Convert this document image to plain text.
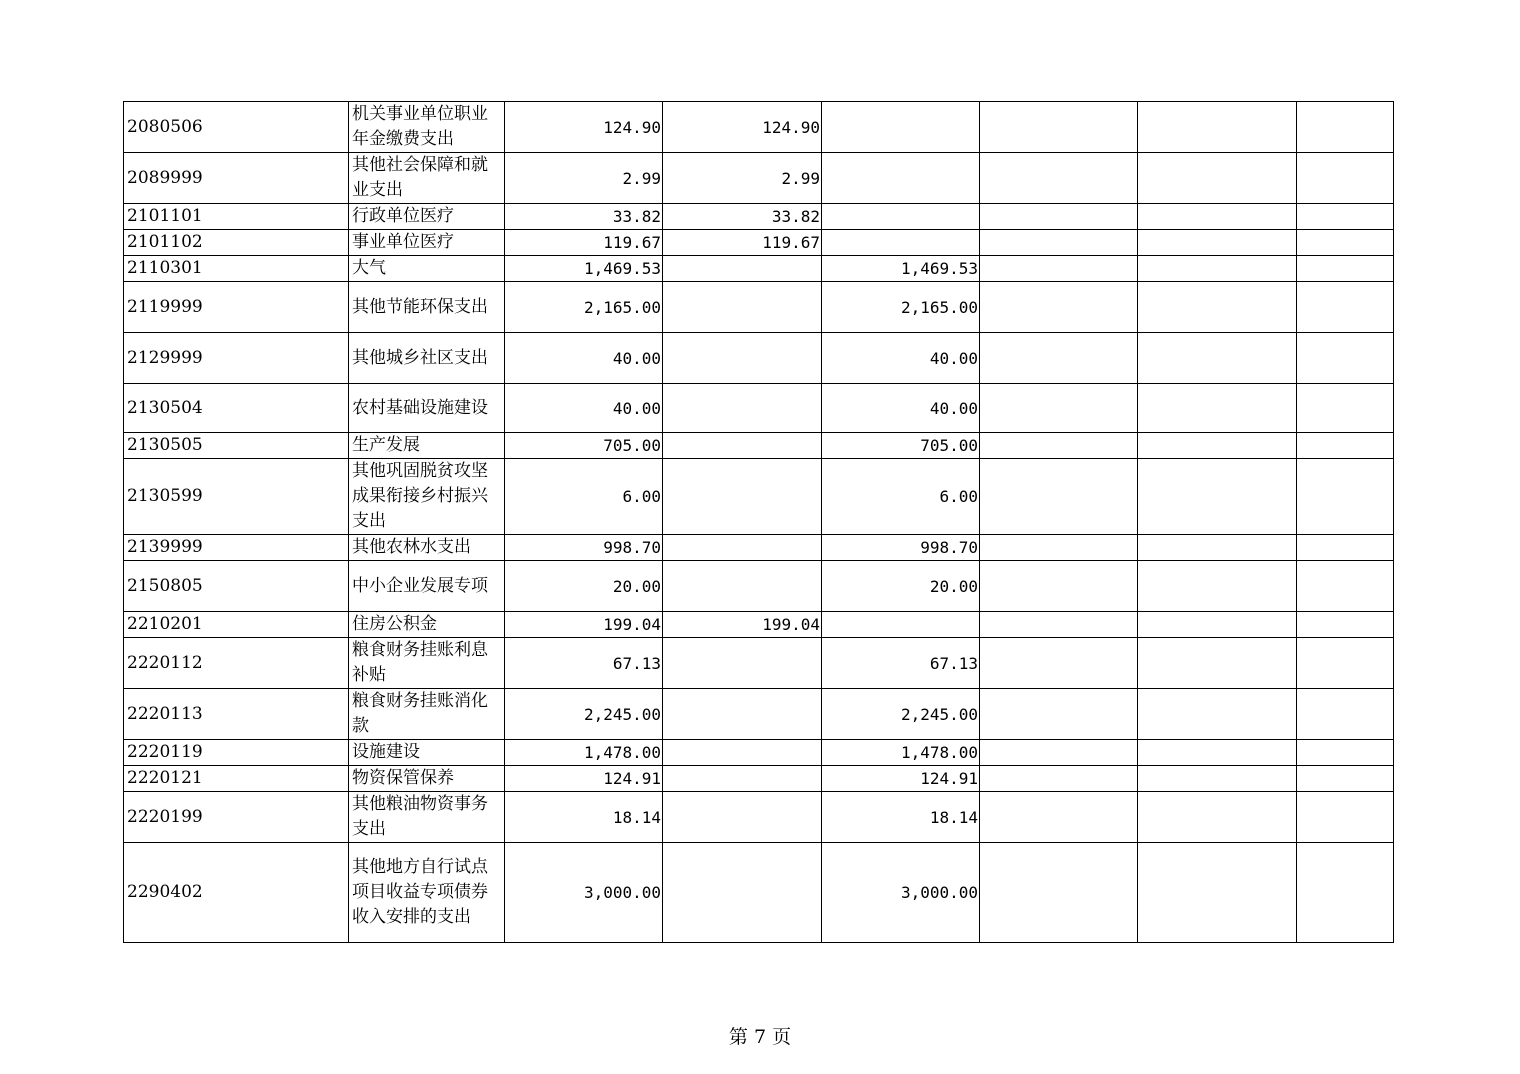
2080506	机关事业单位职业年金缴费支出	124.90	124.90				
2089999	其他社会保障和就业支出	2.99	2.99				
2101101	行政单位医疗	33.82	33.82				
2101102	事业单位医疗	119.67	119.67				
2110301	大气	1,469.53		1,469.53			
2119999	其他节能环保支出	2,165.00		2,165.00			
2129999	其他城乡社区支出	40.00		40.00			
2130504	农村基础设施建设	40.00		40.00			
2130505	生产发展	705.00		705.00			
2130599	其他巩固脱贫攻坚成果衔接乡村振兴支出	6.00		6.00			
2139999	其他农林水支出	998.70		998.70			
2150805	中小企业发展专项	20.00		20.00			
2210201	住房公积金	199.04	199.04				
2220112	粮食财务挂账利息补贴	67.13		67.13			
2220113	粮食财务挂账消化款	2,245.00		2,245.00			
2220119	设施建设	1,478.00		1,478.00			
2220121	物资保管保养	124.91		124.91			
2220199	其他粮油物资事务支出	18.14		18.14			
2290402	其他地方自行试点项目收益专项债券收入安排的支出	3,000.00		3,000.00			
第 7 页
